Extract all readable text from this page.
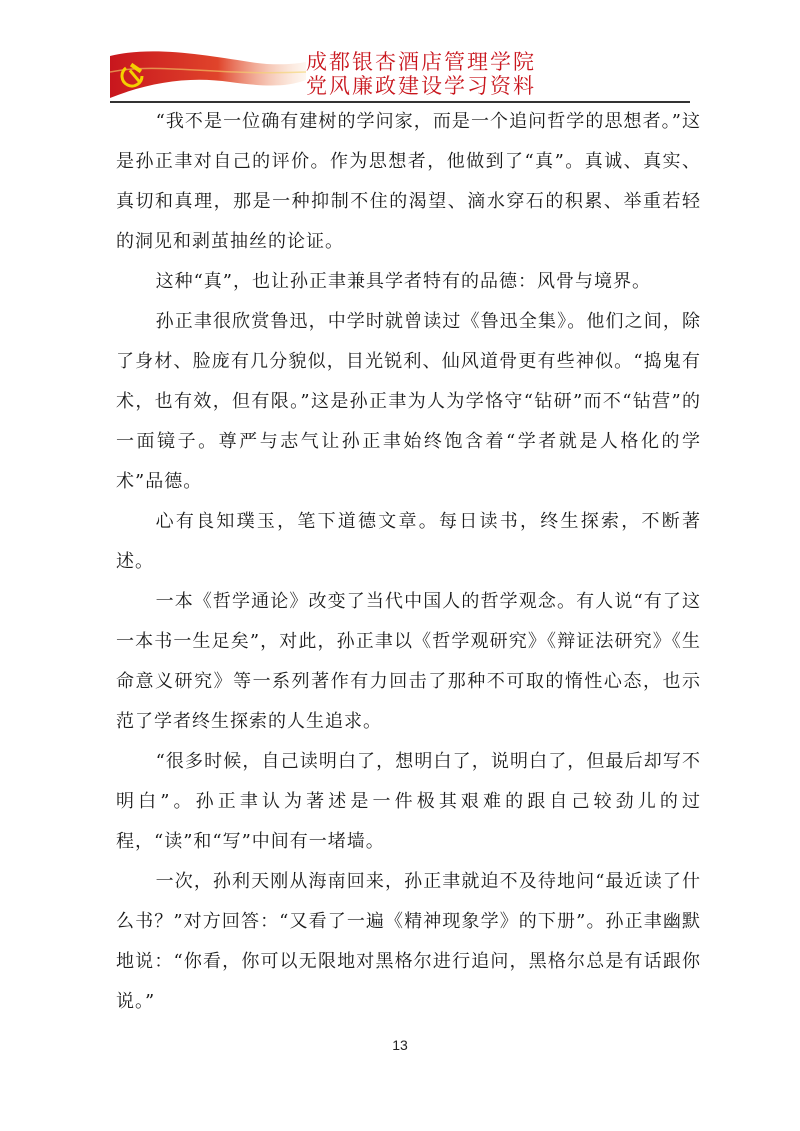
成都银杏酒店管理学院
党风廉政建设学习资料

“我不是一位确有建树的学问家，而是一个追问哲学的思想者。”这是孙正聿对自己的评价。作为思想者，他做到了“真”。真诚、真实、真切和真理，那是一种抑制不住的渴望、滴水穿石的积累、举重若轻的洞见和剥茧抽丝的论证。

这种“真”，也让孙正聿兼具学者特有的品德：风骨与境界。

孙正聿很欣赏鲁迅，中学时就曾读过《鲁迅全集》。他们之间，除了身材、脸庞有几分貌似，目光锐利、仙风道骨更有些神似。“捣鬼有术，也有效，但有限。”这是孙正聿为人为学恪守“钻研”而不“钻营”的一面镜子。尊严与志气让孙正聿始终饱含着“学者就是人格化的学术”品德。

心有良知璞玉，笔下道德文章。每日读书，终生探索，不断著述。

一本《哲学通论》改变了当代中国人的哲学观念。有人说“有了这一本书一生足矣”，对此，孙正聿以《哲学观研究》《辩证法研究》《生命意义研究》等一系列著作有力回击了那种不可取的惰性心态，也示范了学者终生探索的人生追求。

“很多时候，自己读明白了，想明白了，说明白了，但最后却写不明白”。孙正聿认为著述是一件极其艰难的跟自己较劲儿的过程，“读”和“写”中间有一堵墙。

一次，孙利天刚从海南回来，孙正聿就迫不及待地问“最近读了什么书？”对方回答：“又看了一遍《精神现象学》的下册”。孙正聿幽默地说：“你看，你可以无限地对黑格尔进行追问，黑格尔总是有话跟你说。”

13
